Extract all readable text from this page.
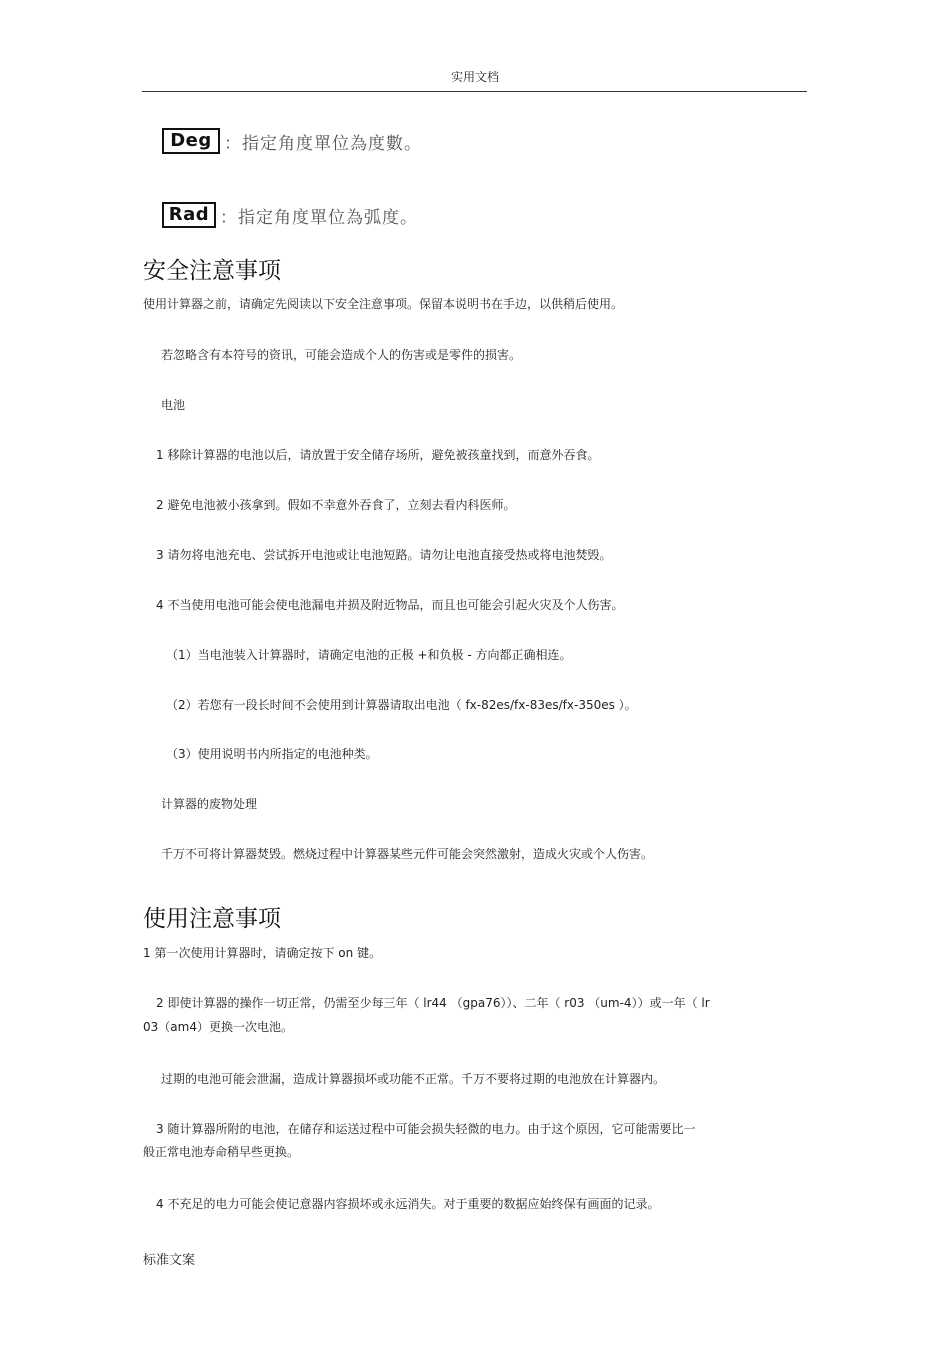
实用文档
Deg ：指定角度單位為度數。
Rad ：指定角度單位為弧度。
安全注意事项
使用计算器之前，请确定先阅读以下安全注意事项。保留本说明书在手边，以供稍后使用。
若忽略含有本符号的资讯，可能会造成个人的伤害或是零件的损害。
电池
1 移除计算器的电池以后，请放置于安全储存场所，避免被孩童找到，而意外吞食。
2 避免电池被小孩拿到。假如不幸意外吞食了，立刻去看内科医师。
3 请勿将电池充电、尝试拆开电池或让电池短路。请勿让电池直接受热或将电池焚毁。
4 不当使用电池可能会使电池漏电并损及附近物品，而且也可能会引起火灾及个人伤害。
（1）当电池装入计算器时，请确定电池的正极 +和负极 - 方向都正确相连。
（2）若您有一段长时间不会使用到计算器请取出电池（ fx-82es/fx-83es/fx-350es ）。
（3）使用说明书内所指定的电池种类。
计算器的废物处理
千万不可将计算器焚毁。燃烧过程中计算器某些元件可能会突然激射，造成火灾或个人伤害。
使用注意事项
1 第一次使用计算器时，请确定按下 on 键。
2 即使计算器的操作一切正常，仍需至少每三年（ lr44 （gpa76））、二年（ r03 （um-4））或一年（ lr
03（am4）更换一次电池。
过期的电池可能会泄漏，造成计算器损坏或功能不正常。千万不要将过期的电池放在计算器内。
3 随计算器所附的电池，在储存和运送过程中可能会损失轻微的电力。由于这个原因，它可能需要比一
般正常电池寿命稍早些更换。
4 不充足的电力可能会使记意器内容损坏或永远消失。对于重要的数据应始终保有画面的记录。
标准文案
